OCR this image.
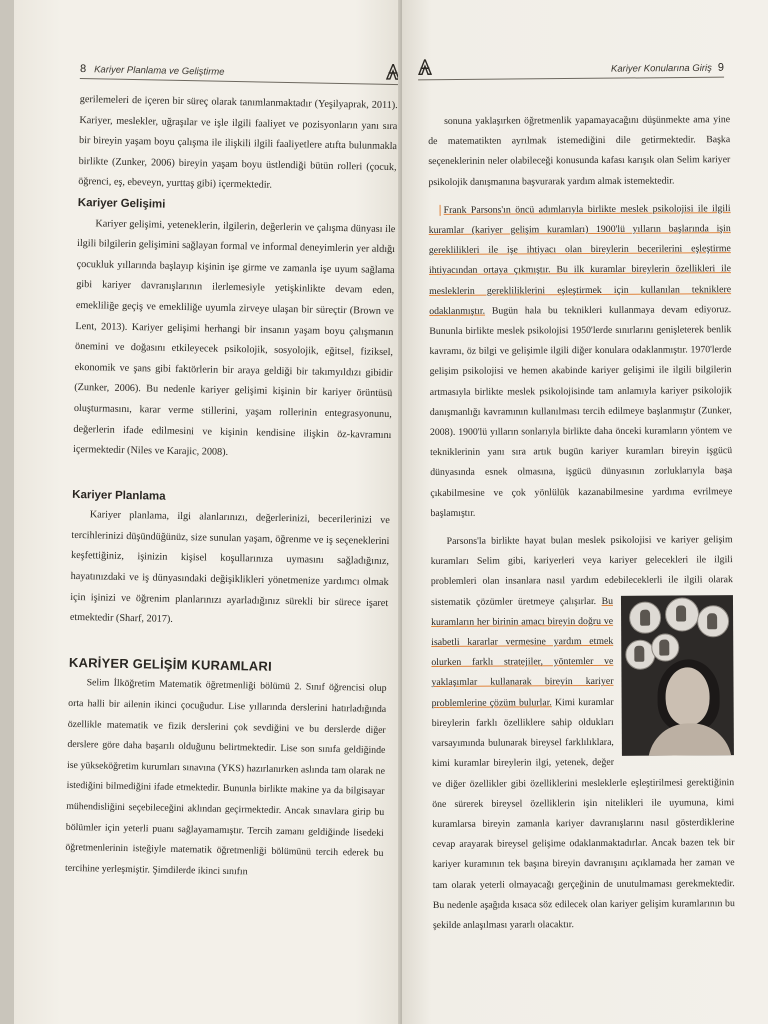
8 Kariyer Planlama ve Geliştirme

gerilemeleri de içeren bir süreç olarak tanımlanmaktadır (Yeşilyaprak, 2011). Kariyer, meslekler, uğraşılar ve işle ilgili faaliyet ve pozisyonların yanı sıra bir bireyin yaşam boyu çalışma ile ilişkili ilgili faaliyetlere atıfta bulunmakla birlikte (Zunker, 2006) bireyin yaşam boyu üstlendiği bütün rolleri (çocuk, öğrenci, eş, ebeveyn, yurttaş gibi) içermektedir.

Kariyer Gelişimi

Kariyer gelişimi, yeteneklerin, ilgilerin, değerlerin ve çalışma dünyası ile ilgili bilgilerin gelişimini sağlayan formal ve informal deneyimlerin yer aldığı çocukluk yıllarında başlayıp kişinin işe girme ve zamanla işe uyum sağlama gibi kariyer davranışlarının ilerlemesiyle yetişkinlikte devam eden, emekliliğe geçiş ve emekliliğe uyumla zirveye ulaşan bir süreçtir (Brown ve Lent, 2013). Kariyer gelişimi herhangi bir insanın yaşam boyu çalışmanın önemini ve doğasını etkileyecek psikolojik, sosyolojik, eğitsel, fiziksel, ekonomik ve şans gibi faktörlerin bir araya geldiği bir takımyıldızı gibidir (Zunker, 2006). Bu nedenle kariyer gelişimi kişinin bir kariyer örüntüsü oluşturmasını, karar verme stillerini, yaşam rollerinin entegrasyonunu, değerlerin ifade edilmesini ve kişinin kendisine ilişkin öz-kavramını içermektedir (Niles ve Karajic, 2008).

Kariyer Planlama

Kariyer planlama, ilgi alanlarınızı, değerlerinizi, becerilerinizi ve tercihlerinizi düşündüğünüz, size sunulan yaşam, öğrenme ve iş seçeneklerini keşfettiğiniz, işinizin kişisel koşullarınıza uymasını sağladığınız, hayatınızdaki ve iş dünyasındaki değişiklikleri yönetmenize yardımcı olmak için işinizi ve öğrenim planlarınızı ayarladığınız sürekli bir sürece işaret etmektedir (Sharf, 2017).

KARİYER GELİŞİM KURAMLARI

Selim İlköğretim Matematik öğretmenliği bölümü 2. Sınıf öğrencisi olup orta halli bir ailenin ikinci çocuğudur. Lise yıllarında derslerini hatırladığında özellikle matematik ve fizik derslerini çok sevdiğini ve bu derslerde diğer derslere göre daha başarılı olduğunu belirtmektedir. Lise son sınıfa geldiğinde ise yükseköğretim kurumları sınavına (YKS) hazırlanırken aslında tam olarak ne istediğini bilmediğini ifade etmektedir. Bununla birlikte makine ya da bilgisayar mühendisliğini seçebileceğini aklından geçirmektedir. Ancak sınavlara girip bu bölümler için yeterli puanı sağlayamamıştır. Tercih zamanı geldiğinde lisedeki öğretmenlerinin isteğiyle matematik öğretmenliği bölümünü tercih ederek bu tercihine yerleşmiştir. Şimdilerde ikinci sınıfın

Kariyer Konularına Giriş 9

sonuna yaklaşırken öğretmenlik yapamayacağını düşünmekte ama yine de matematikten ayrılmak istemediğini dile getirmektedir. Başka seçeneklerinin neler olabileceği konusunda kafası karışık olan Selim kariyer psikolojik danışmanına başvurarak yardım almak istemektedir.

Frank Parsons'ın öncü adımlarıyla birlikte meslek psikolojisi ile ilgili kuramlar (kariyer gelişim kuramları) 1900'lü yılların başlarında işin gereklilikleri ile işe ihtiyacı olan bireylerin becerilerini eşleştirme ihtiyacından ortaya çıkmıştır. Bu ilk kuramlar bireylerin özellikleri ile mesleklerin gerekliliklerini eşleştirmek için kullanılan tekniklere odaklanmıştır. Bugün hala bu teknikleri kullanmaya devam ediyoruz. Bununla birlikte meslek psikolojisi 1950'lerde sınırlarını genişleterek benlik kavramı, öz bilgi ve gelişimle ilgili diğer konulara odaklanmıştır. 1970'lerde gelişim psikolojisi ve hemen akabinde kariyer gelişimi ile ilgili bilgilerin artmasıyla birlikte meslek psikolojisinde tam anlamıyla kariyer psikolojik danışmanlığı kavramının kullanılması tercih edilmeye başlanmıştır (Zunker, 2008). 1900'lü yılların sonlarıyla birlikte daha önceki kuramların yöntem ve tekniklerinin yanı sıra artık bugün kariyer kuramları bireyin işgücü dünyasında esnek olmasına, işgücü dünyasının zorluklarıyla başa çıkabilmesine ve çok yönlülük kazanabilmesine yardıma evrilmeye başlamıştır.

Parsons'la birlikte hayat bulan meslek psikolojisi ve kariyer gelişim kuramları Selim gibi, kariyerleri veya kariyer gelecekleri ile ilgili problemleri olan insanlara nasıl yardım edebileceklerli ile ilgili olarak sistematik çözümler üretmeye çalışırlar.
Bu kuramların her birinin amacı bireyin doğru ve isabetli kararlar vermesine yardım etmek olurken farklı stratejiler, yöntemler ve yaklaşımlar kullanarak bireyin kariyer problemlerine çözüm bulurlar. Kimi kuramlar bireylerin farklı özelliklere sahip oldukları varsayımında bulunarak bireysel farklılıklara, kimi kuramlar bireylerin ilgi, yetenek, değer ve diğer özellikler gibi özelliklerini mesleklerle eşleştirilmesi gerektiğinin öne sürerek bireysel özelliklerin işin nitelikleri ile uyumuna, kimi kuramlarsa bireyin zamanla kariyer davranışlarını nasıl gösterdiklerine cevap arayarak bireysel gelişime odaklanmaktadırlar. Ancak bazen tek bir kariyer kuramının tek başına bireyin davranışını açıklamada her zaman ve tam olarak yeterli olmayacağı gerçeğinin de unutulmaması gerekmektedir. Bu nedenle aşağıda kısaca söz edilecek olan kariyer gelişim kuramlarının bu şekilde anlaşılması yararlı olacaktır.
